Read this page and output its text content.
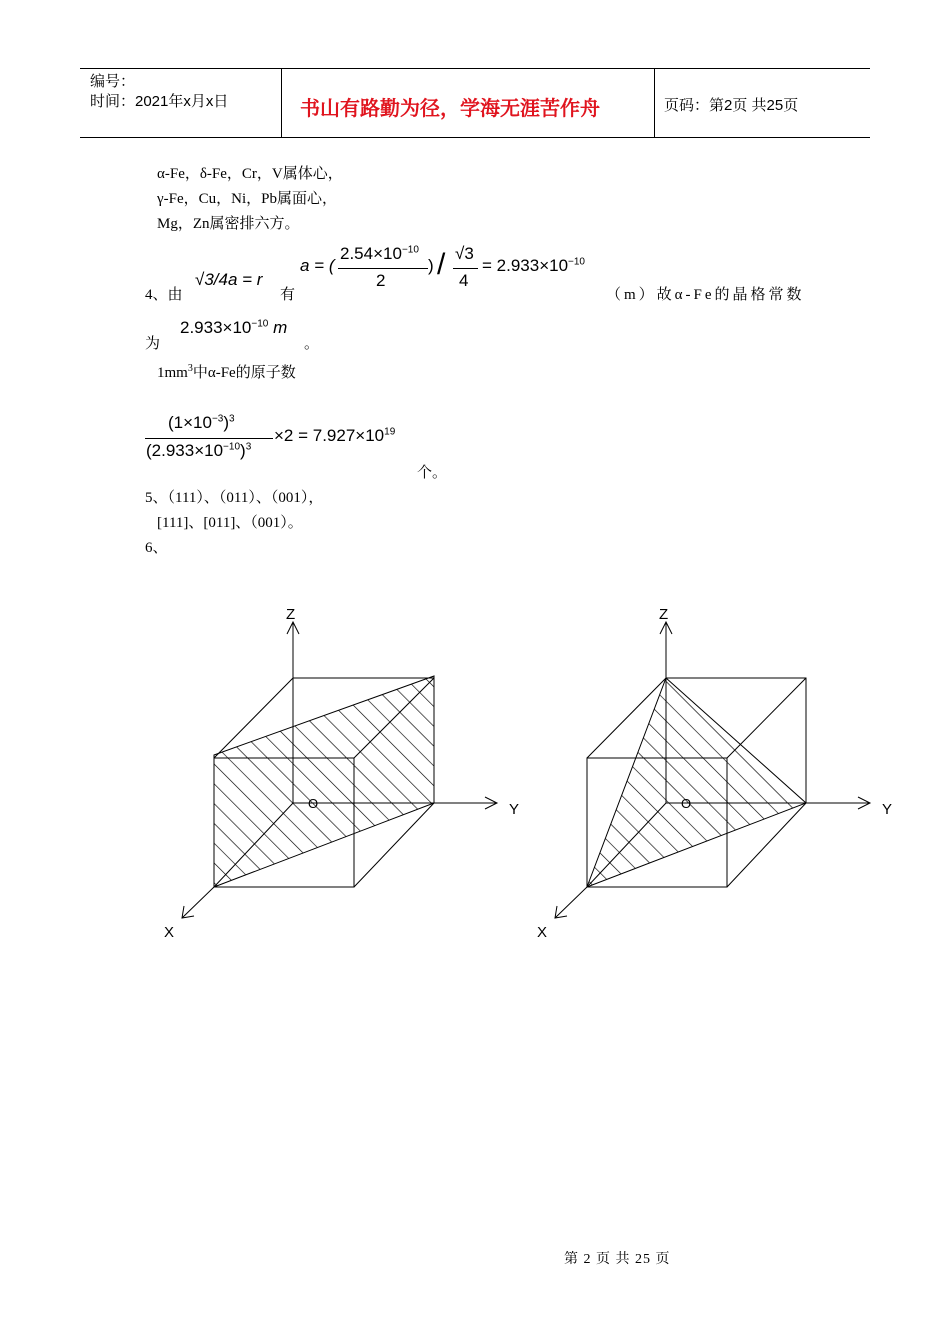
编号：
时间：2021年x月x日	书山有路勤为径，学海无涯苦作舟	页码：第2页 共25页
α-Fe，δ-Fe，Cr，V属体心，
γ-Fe，Cu，Ni，Pb属面心，
Mg，Zn属密排六方。
4、由
√3/4a = r
有
a = (
$2.54\times 10^{-10}$
2
) / √3
4
= $2.933\times 10^{-10}$
（m）故α-Fe的晶格常数
为
$2.933\times 10^{-10}$ m
。
$1mm^3$中α-Fe的原子数
$(1\times 10^{-3})^3$
$(2.933\times 10^{-10})^3$
$\times 2 = 7.927\times 10^{19}$
个。
5、（111）、（011）、（001），
[111]、[011]、（001）。
6、
Z
Y
X
O
Z
Y
X
O
第 2 页 共 25 页
